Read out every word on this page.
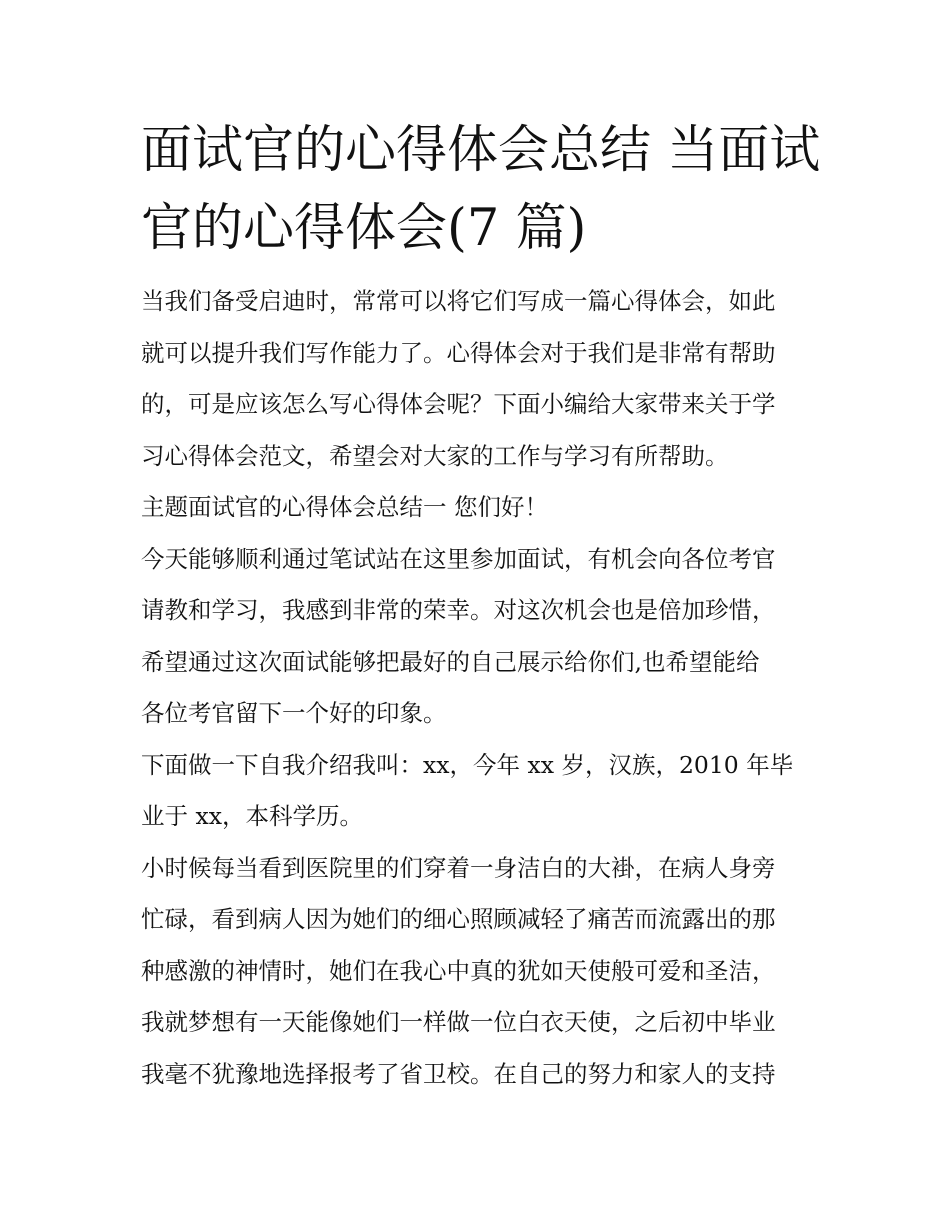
面试官的心得体会总结 当面试
官的心得体会(7 篇)
当我们备受启迪时，常常可以将它们写成一篇心得体会，如此
就可以提升我们写作能力了。心得体会对于我们是非常有帮助
的，可是应该怎么写心得体会呢？下面小编给大家带来关于学
习心得体会范文，希望会对大家的工作与学习有所帮助。
主题面试官的心得体会总结一 您们好！
今天能够顺利通过笔试站在这里参加面试，有机会向各位考官
请教和学习，我感到非常的荣幸。对这次机会也是倍加珍惜，
希望通过这次面试能够把最好的自己展示给你们,也希望能给
各位考官留下一个好的印象。
下面做一下自我介绍我叫：xx，今年 xx 岁，汉族，2010 年毕
业于 xx，本科学历。
小时候每当看到医院里的们穿着一身洁白的大褂，在病人身旁
忙碌，看到病人因为她们的细心照顾减轻了痛苦而流露出的那
种感激的神情时，她们在我心中真的犹如天使般可爱和圣洁，
我就梦想有一天能像她们一样做一位白衣天使，之后初中毕业
我毫不犹豫地选择报考了省卫校。在自己的努力和家人的支持
